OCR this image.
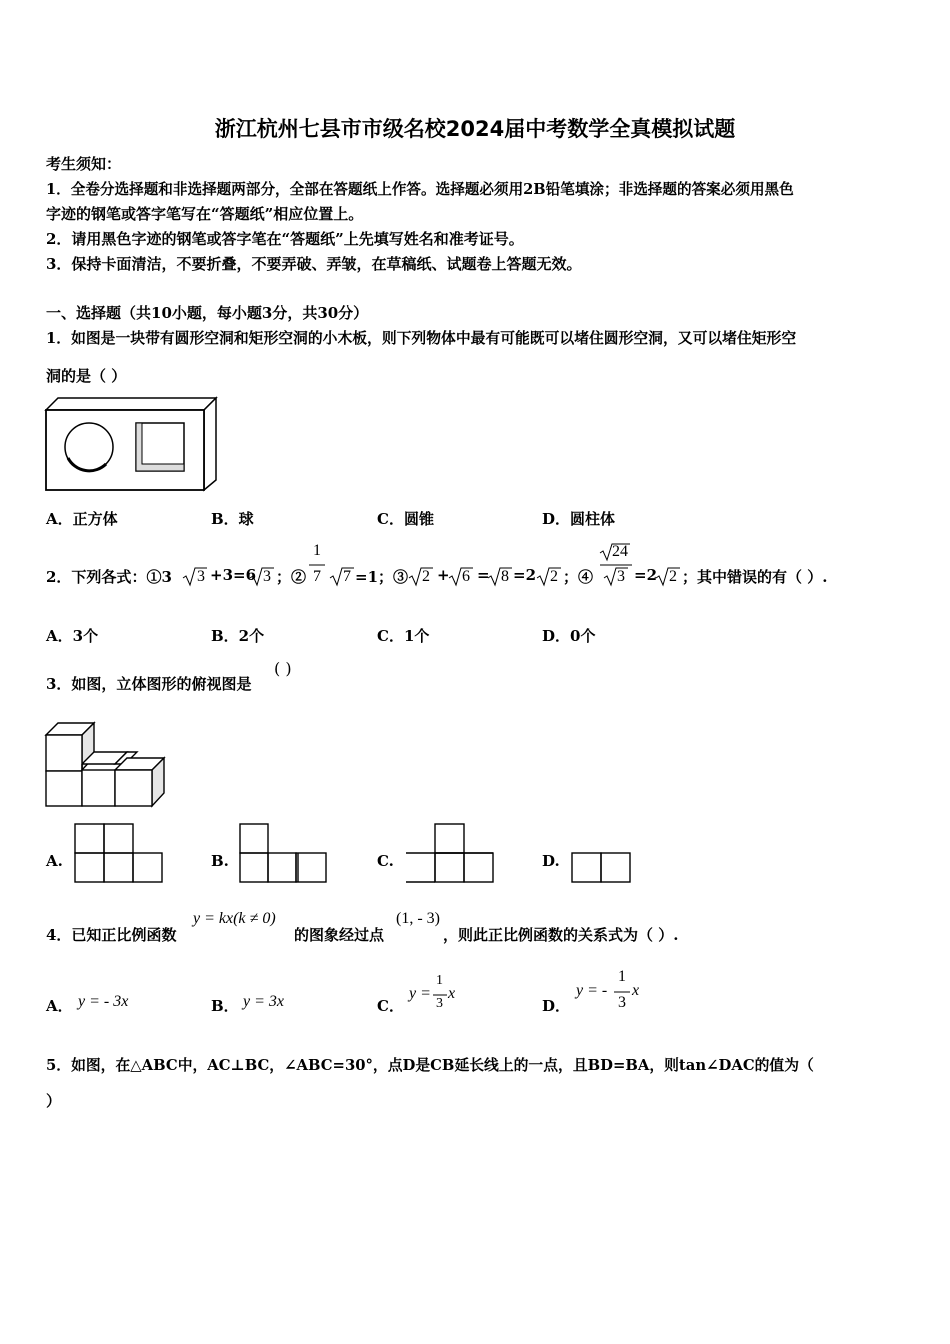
浙江杭州七县市市级名校2024届中考数学全真模拟试题
考生须知：
1．全卷分选择题和非选择题两部分，全部在答题纸上作答。选择题必须用2B铅笔填涂；非选择题的答案必须用黑色
字迹的钢笔或答字笔写在“答题纸”相应位置上。
2．请用黑色字迹的钢笔或答字笔在“答题纸”上先填写姓名和准考证号。
3．保持卡面清洁，不要折叠，不要弄破、弄皱，在草稿纸、试题卷上答题无效。
一、选择题（共10小题，每小题3分，共30分）
1．如图是一块带有圆形空洞和矩形空洞的小木板，则下列物体中最有可能既可以堵住圆形空洞，又可以堵住矩形空
洞的是（ ）
A．正方体	B．球	C．圆锥	D．圆柱体
2．下列各式：①3 3 +3=6 3 ；②
1
7 7 =1；③ 2 + 6 = 8 =2 2 ；④
24
3 =2 2 ；其中错误的有（ ）.
A．3个	B．2个	C．1个	D．0个
3．如图，立体图形的俯视图是
( )
A.	B.	C.	D.
4．已知正比例函数
y = kx(k ≠ 0)
的图象经过点
(1, - 3)
，则此正比例函数的关系式为（ ）.
A． y = - 3x	B． y = 3x	C．
y =
1
3
x
D．
y = -
1
3
x
5．如图，在△ABC中，AC⊥BC，∠ABC=30°，点D是CB延长线上的一点，且BD=BA，则tan∠DAC的值为（
）
